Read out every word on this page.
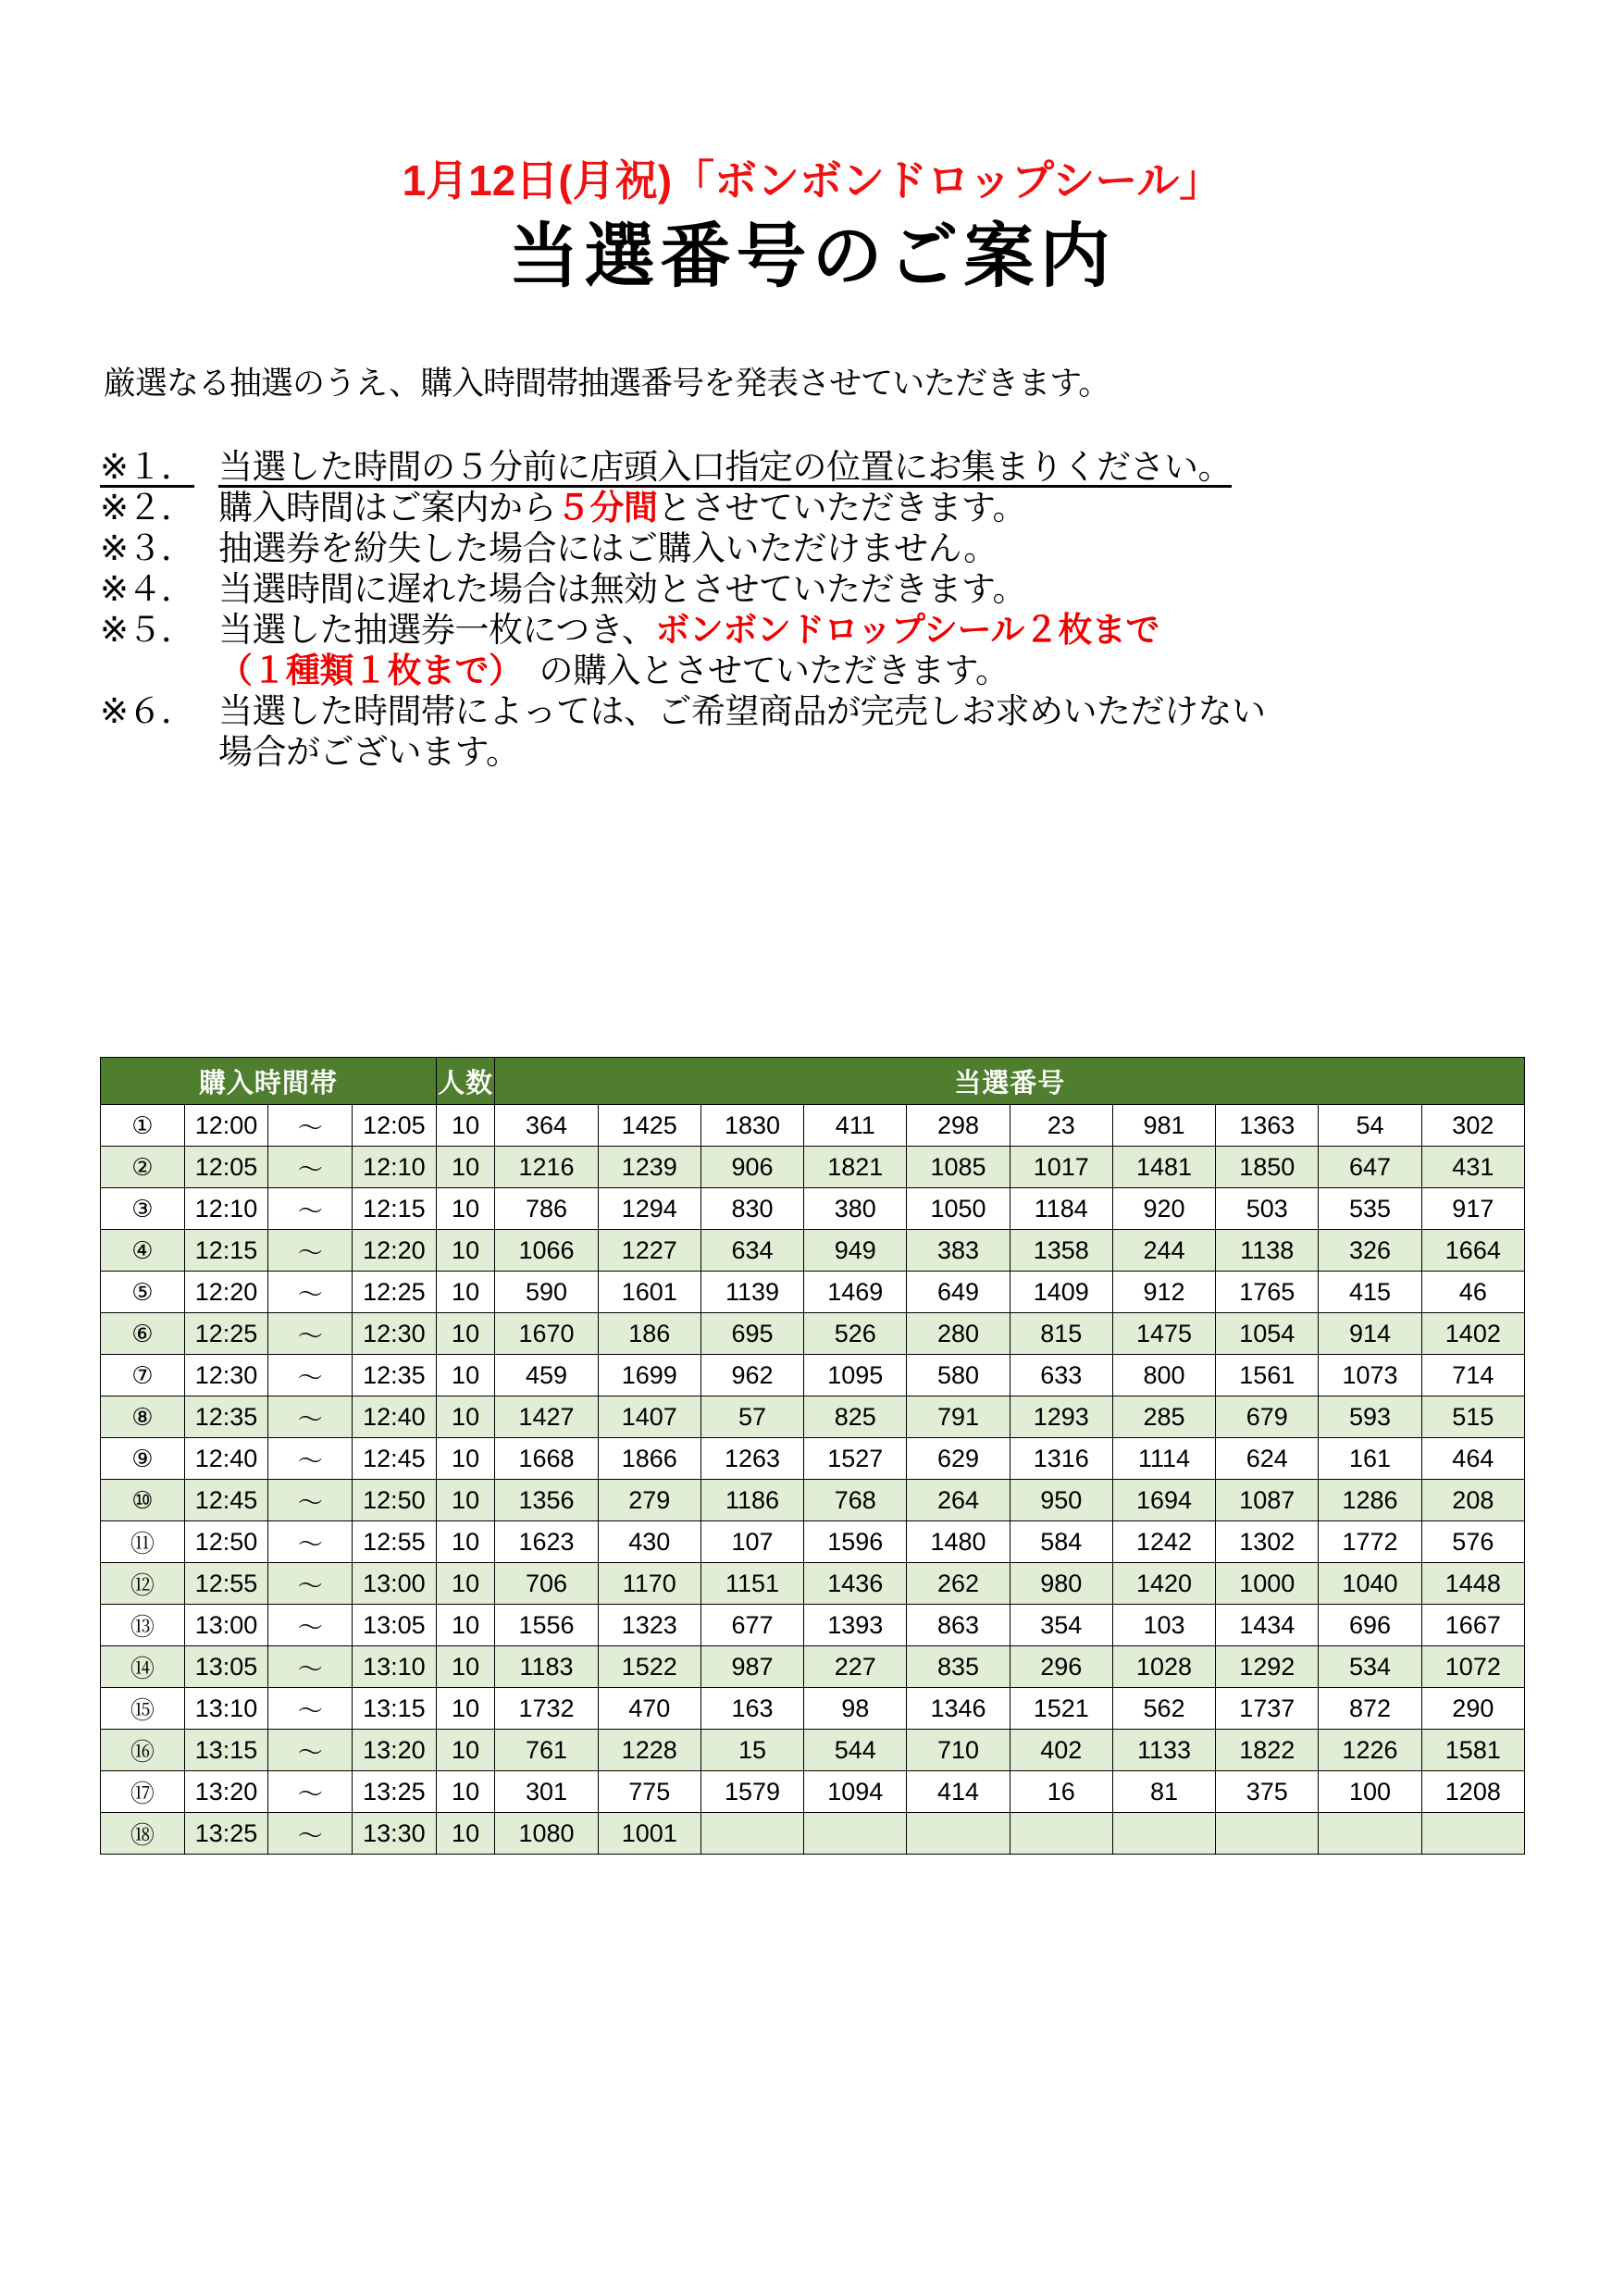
1月12日(月祝)「ボンボンドロップシール」
当選番号のご案内
厳選なる抽選のうえ、購入時間帯抽選番号を発表させていただきます。
※１． 当選した時間の５分前に店頭入口指定の位置にお集まりください。
※２． 購入時間はご案内から５分間とさせていただきます。
※３． 抽選券を紛失した場合にはご購入いただけません。
※４． 当選時間に遅れた場合は無効とさせていただきます。
※５． 当選した抽選券一枚につき、ボンボンドロップシール２枚まで
（１種類１枚まで）　の購入とさせていただきます。
※６． 当選した時間帯によっては、ご希望商品が完売しお求めいただけない
場合がございます。
購入時間帯				人数	当選番号									
①	12:00	～	12:05	10	364	1425	1830	411	298	23	981	1363	54	302
②	12:05	～	12:10	10	1216	1239	906	1821	1085	1017	1481	1850	647	431
③	12:10	～	12:15	10	786	1294	830	380	1050	1184	920	503	535	917
④	12:15	～	12:20	10	1066	1227	634	949	383	1358	244	1138	326	1664
⑤	12:20	～	12:25	10	590	1601	1139	1469	649	1409	912	1765	415	46
⑥	12:25	～	12:30	10	1670	186	695	526	280	815	1475	1054	914	1402
⑦	12:30	～	12:35	10	459	1699	962	1095	580	633	800	1561	1073	714
⑧	12:35	～	12:40	10	1427	1407	57	825	791	1293	285	679	593	515
⑨	12:40	～	12:45	10	1668	1866	1263	1527	629	1316	1114	624	161	464
⑩	12:45	～	12:50	10	1356	279	1186	768	264	950	1694	1087	1286	208
⑪	12:50	～	12:55	10	1623	430	107	1596	1480	584	1242	1302	1772	576
⑫	12:55	～	13:00	10	706	1170	1151	1436	262	980	1420	1000	1040	1448
⑬	13:00	～	13:05	10	1556	1323	677	1393	863	354	103	1434	696	1667
⑭	13:05	～	13:10	10	1183	1522	987	227	835	296	1028	1292	534	1072
⑮	13:10	～	13:15	10	1732	470	163	98	1346	1521	562	1737	872	290
⑯	13:15	～	13:20	10	761	1228	15	544	710	402	1133	1822	1226	1581
⑰	13:20	～	13:25	10	301	775	1579	1094	414	16	81	375	100	1208
⑱	13:25	～	13:30	10	1080	1001								
